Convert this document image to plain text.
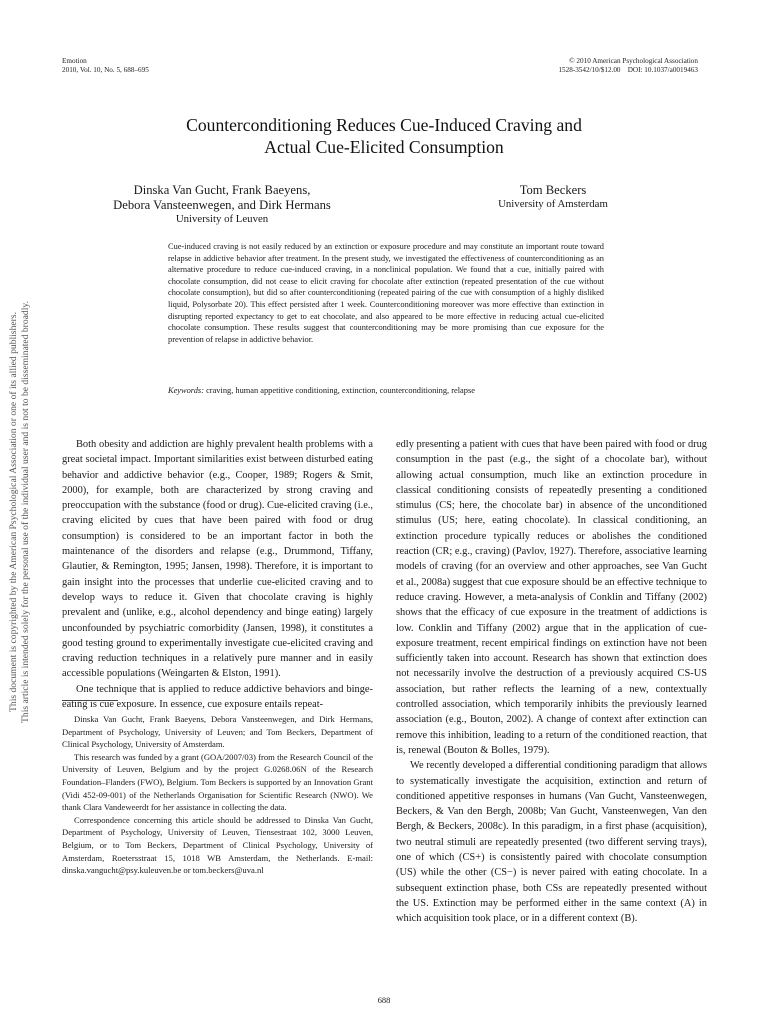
This document is copyrighted by the American Psychological Association or one of its allied publishers. This article is intended solely for the personal use of the individual user and is not to be disseminated broadly.
Emotion
2010, Vol. 10, No. 5, 688–695
© 2010 American Psychological Association
1528-3542/10/$12.00 DOI: 10.1037/a0019463
Counterconditioning Reduces Cue-Induced Craving and
Actual Cue-Elicited Consumption
Dinska Van Gucht, Frank Baeyens,
Debora Vansteenwegen, and Dirk Hermans
University of Leuven
Tom Beckers
University of Amsterdam
Cue-induced craving is not easily reduced by an extinction or exposure procedure and may constitute an important route toward relapse in addictive behavior after treatment. In the present study, we investigated the effectiveness of counterconditioning as an alternative procedure to reduce cue-induced craving, in a nonclinical population. We found that a cue, initially paired with chocolate consumption, did not cease to elicit craving for chocolate after extinction (repeated presentation of the cue without chocolate consumption), but did so after counterconditioning (repeated pairing of the cue with consumption of a highly disliked liquid, Polysorbate 20). This effect persisted after 1 week. Counterconditioning moreover was more effective than extinction in disrupting reported expectancy to get to eat chocolate, and also appeared to be more effective in reducing actual cue-elicited chocolate consumption. These results suggest that counterconditioning may be more promising than cue exposure for the prevention of relapse in addictive behavior.
Keywords: craving, human appetitive conditioning, extinction, counterconditioning, relapse

Both obesity and addiction are highly prevalent health problems with a great societal impact. Important similarities exist between disturbed eating behavior and addictive behavior (e.g., Cooper, 1989; Rogers & Smit, 2000), for example, both are characterized by strong craving and preoccupation with the substance (food or drug). Cue-elicited craving (i.e., craving elicited by cues that have been paired with food or drug consumption) is considered to be an important factor in both the maintenance of the disorders and relapse (e.g., Drummond, Tiffany, Glautier, & Remington, 1995; Jansen, 1998). Therefore, it is important to gain insight into the processes that underlie cue-elicited craving and to develop ways to reduce it. Given that chocolate craving is highly prevalent and (unlike, e.g., alcohol dependency and binge eating) largely unconfounded by psychiatric comorbidity (Jansen, 1998), it constitutes a good testing ground to experimentally investigate cue-elicited craving and craving reduction techniques in a relatively pure manner and in easily accessible populations (Weingarten & Elston, 1991).

One technique that is applied to reduce addictive behaviors and binge-eating is cue exposure. In essence, cue exposure entails repeat-

Dinska Van Gucht, Frank Baeyens, Debora Vansteenwegen, and Dirk Hermans, Department of Psychology, University of Leuven; and Tom Beckers, Department of Clinical Psychology, University of Amsterdam.

This research was funded by a grant (GOA/2007/03) from the Research Council of the University of Leuven, Belgium and by the project G.0268.06N of the Research Foundation–Flanders (FWO), Belgium. Tom Beckers is supported by an Innovation Grant (Vidi 452-09-001) of the Netherlands Organisation for Scientific Research (NWO). We thank Clara Vandeweerdt for her assistance in collecting the data.

Correspondence concerning this article should be addressed to Dinska Van Gucht, Department of Psychology, University of Leuven, Tiensestraat 102, 3000 Leuven, Belgium, or to Tom Beckers, Department of Clinical Psychology, University of Amsterdam, Roetersstraat 15, 1018 WB Amsterdam, the Netherlands. E-mail: dinska.vangucht@psy.kuleuven.be or tom.beckers@uva.nl

edly presenting a patient with cues that have been paired with food or drug consumption in the past (e.g., the sight of a chocolate bar), without allowing actual consumption, much like an extinction procedure in classical conditioning consists of repeatedly presenting a conditioned stimulus (CS; here, the chocolate bar) in absence of the unconditioned stimulus (US; here, eating chocolate). In classical conditioning, an extinction procedure typically reduces or abolishes the conditioned reaction (CR; e.g., craving) (Pavlov, 1927). Therefore, associative learning models of craving (for an overview and other approaches, see Van Gucht et al., 2008a) suggest that cue exposure should be an effective technique to reduce craving. However, a meta-analysis of Conklin and Tiffany (2002) shows that the efficacy of cue exposure in the treatment of addictions is low. Conklin and Tiffany (2002) argue that in the application of cue-exposure treatment, recent empirical findings on extinction have not been sufficiently taken into account. Research has shown that extinction does not necessarily involve the destruction of a previously acquired CS-US association, but rather reflects the learning of a new, contextually controlled association, which temporarily inhibits the previously learned association (e.g., Bouton, 2002). A change of context after extinction can remove this inhibition, leading to a return of the conditioned reaction, that is, renewal (Bouton & Bolles, 1979).

We recently developed a differential conditioning paradigm that allows to systematically investigate the acquisition, extinction and return of conditioned appetitive responses in humans (Van Gucht, Vansteenwegen, Beckers, & Van den Bergh, 2008b; Van Gucht, Vansteenwegen, Van den Bergh, & Beckers, 2008c). In this paradigm, in a first phase (acquisition), two neutral stimuli are repeatedly presented (two different serving trays), one of which (CS+) is consistently paired with chocolate consumption (US) while the other (CS−) is never paired with eating chocolate. In a subsequent extinction phase, both CSs are repeatedly presented without the US. Extinction may be performed either in the same context (A) in which acquisition took place, or in a different context (B).

688
